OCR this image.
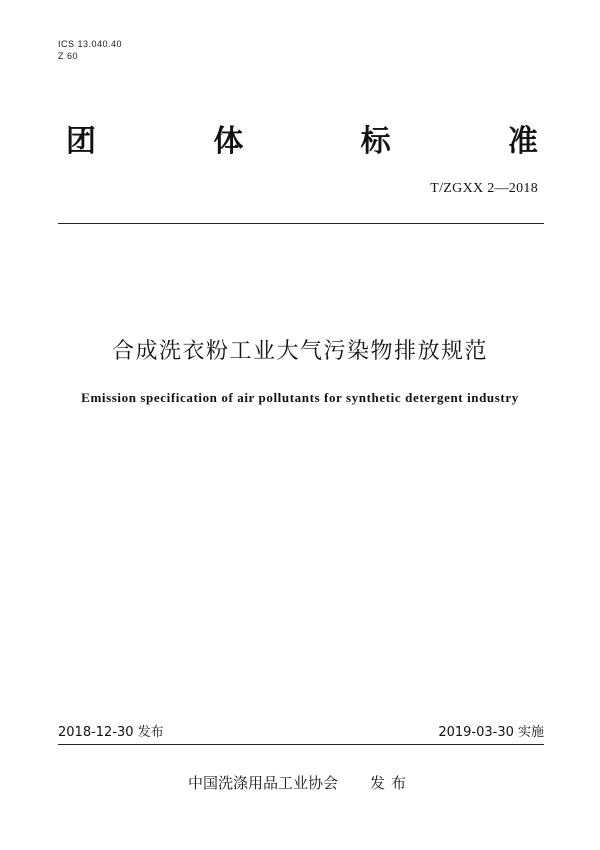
ICS 13.040.40
Z 60
团	体	标	准
T/ZGXX 2—2018
合成洗衣粉工业大气污染物排放规范
Emission specification of air pollutants for synthetic detergent industry
2018-12-30 发布	2019-03-30 实施
中国洗涤用品工业协会 发布
